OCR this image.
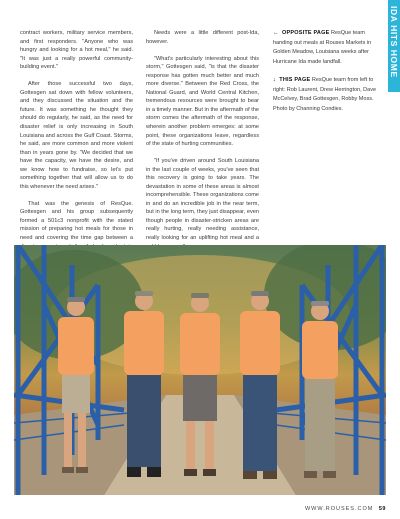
IDA HITS HOME

contract workers, military service members, and first responders. "Anyone who was hungry and looking for a hot meal," he said. "It was just a really powerful community-building event."

After those successful two days, Gottesgen sat down with fellow volunteers, and they discussed the situation and the future. It was something he thought they should do regularly, he said, as the need for disaster relief is only increasing in South Louisiana and across the Gulf Coast. Storms, he said, are more common and more violent than in years gone by. "We decided that we have the capacity, we have the desire, and we know how to fundraise, so let's put something together that will allow us to do this whenever the need arises."

That was the genesis of ResQue. Gottesgen and his group subsequently formed a 501c3 nonprofit with the stated mission of preparing hot meals for those in need and covering the time gap between a

Needs were a little different post-Ida, however.

"What's particularly interesting about this storm," Gottesgen said, "is that the disaster response has gotten much better and much more diverse." Between the Red Cross, the National Guard, and World Central Kitchen, tremendous resources were brought to bear in a timely manner. But in the aftermath of the storm comes the aftermath of the response, wherein another problem emerges: at some point, these organizations leave, regardless of the state of hurting communities.

"If you've driven around South Louisiana in the last couple of weeks, you've seen that this recovery is going to take years. The devastation in some of these areas is almost incomprehensible. These organizations come in and do an incredible job in the near term, but in the long term, they just disappear, even though people in disaster-stricken areas are really hurting, really needing assistance, really looking for an uplifting hot meal and a

← OPPOSITE PAGE ResQue team handing out meals at Rouses Markets in Golden Meadow, Louisiana weeks after Hurricane Ida made landfall.

↓ THIS PAGE ResQue team from left to right: Rob Laurent, Drew Herrington, Dave McCelvey, Brad Gottesgen, Robby Moss. Photo by Channing Condies.

WWW.ROUSES.COM 59
